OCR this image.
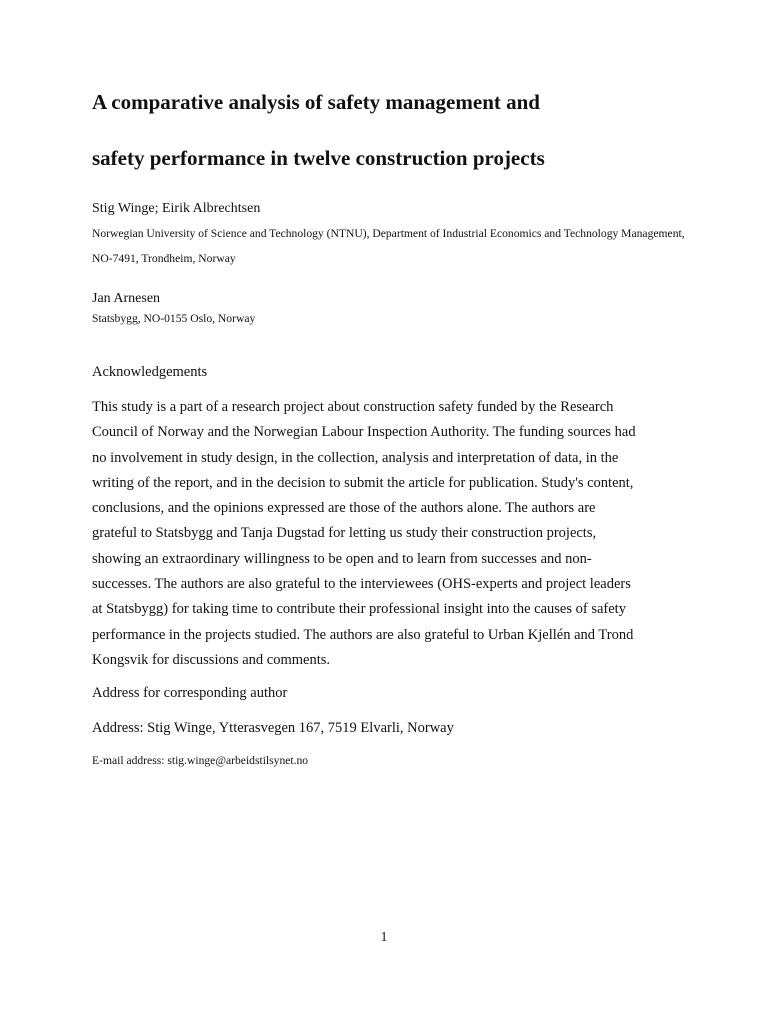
A comparative analysis of safety management and
safety performance in twelve construction projects
Stig Winge; Eirik Albrechtsen
Norwegian University of Science and Technology (NTNU), Department of Industrial Economics and Technology Management, NO-7491, Trondheim, Norway
Jan Arnesen
Statsbygg, NO-0155 Oslo, Norway
Acknowledgements
This study is a part of a research project about construction safety funded by the Research
Council of Norway and the Norwegian Labour Inspection Authority. The funding sources had
no involvement in study design, in the collection, analysis and interpretation of data, in the
writing of the report, and in the decision to submit the article for publication. Study's content,
conclusions, and the opinions expressed are those of the authors alone. The authors are
grateful to Statsbygg and Tanja Dugstad for letting us study their construction projects,
showing an extraordinary willingness to be open and to learn from successes and non-
successes. The authors are also grateful to the interviewees (OHS-experts and project leaders
at Statsbygg) for taking time to contribute their professional insight into the causes of safety
performance in the projects studied. The authors are also grateful to Urban Kjellén and Trond
Kongsvik for discussions and comments.
Address for corresponding author
Address: Stig Winge, Ytterasvegen 167, 7519 Elvarli, Norway
E-mail address: stig.winge@arbeidstilsynet.no
1
